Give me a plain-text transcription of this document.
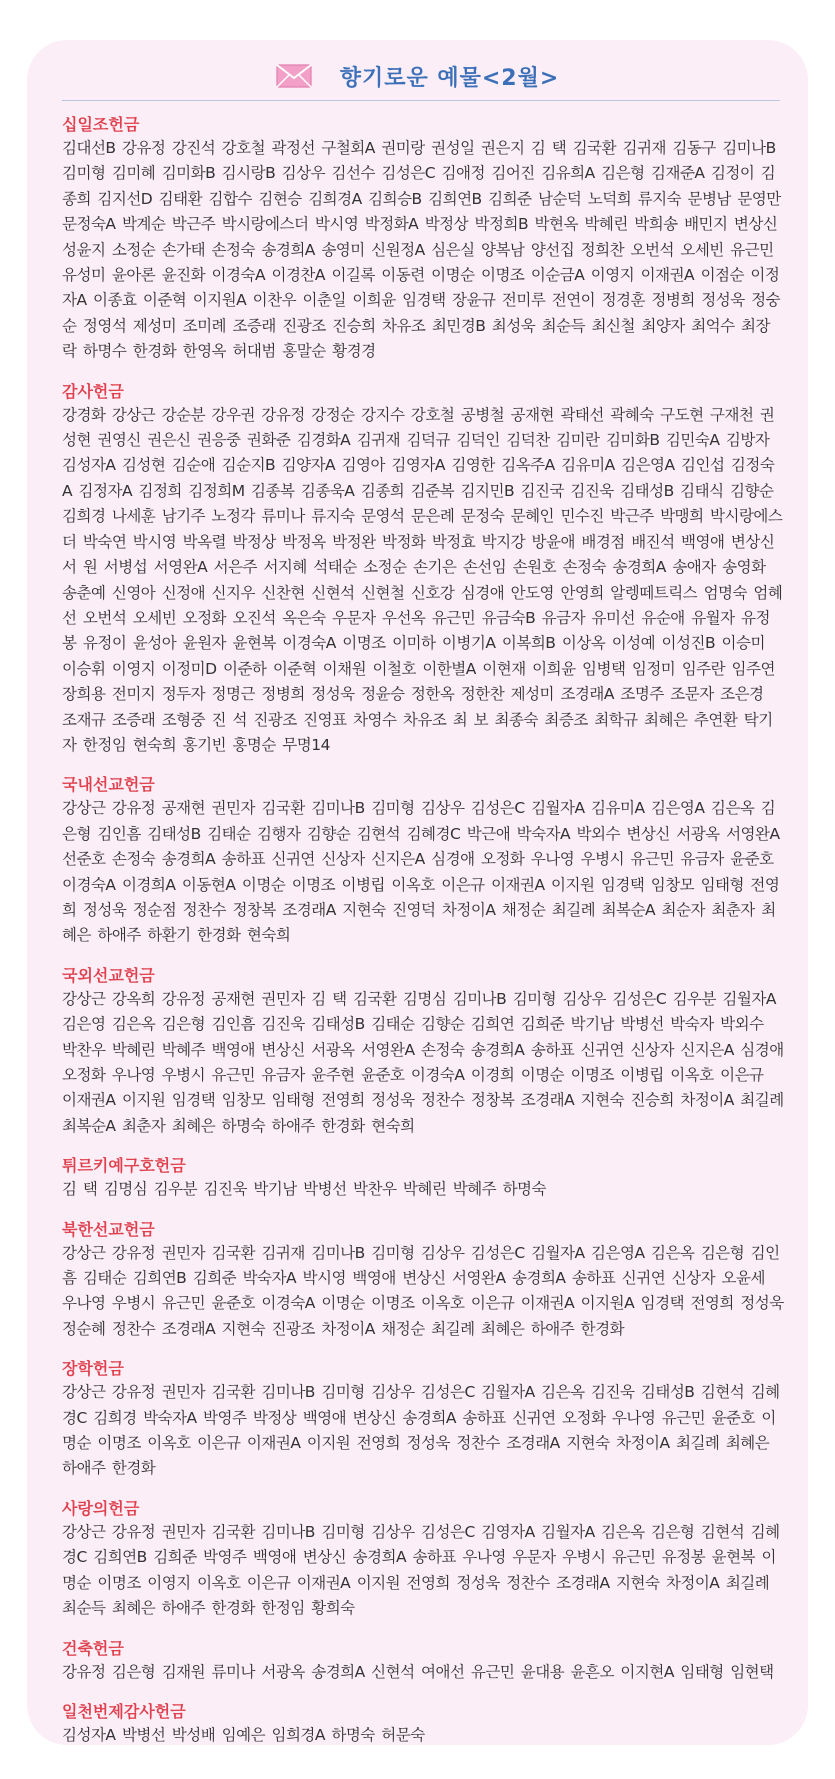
향기로운 예물<2월>
십일조헌금
김대선B 강유정 강진석 강호철 곽정선 구철회A 권미랑 권성일 권은지 김 택 김국환 김귀재 김동구 김미나B 김미형 김미혜 김미화B 김시랑B 김상우 김선수 김성은C 김애정 김어진 김유희A 김은형 김재준A 김정이 김종희 김지선D 김태환 김합수 김현승 김희경A 김희승B 김희연B 김희준 남순덕 노덕희 류지숙 문병남 문영만 문정숙A 박계순 박근주 박시랑에스더 박시영 박정화A 박정상 박정희B 박현옥 박혜린 박희송 배민지 변상신 성윤지 소정순 손가태 손정숙 송경희A 송영미 신원정A 심은실 양복남 양선집 정희찬 오번석 오세빈 유근민 유성미 윤아론 윤진화 이경숙A 이경찬A 이길록 이동련 이명순 이명조 이순금A 이영지 이재권A 이점순 이정자A 이종효 이준혁 이지원A 이찬우 이춘일 이희윤 임경택 장윤규 전미루 전연이 정경훈 정병희 정성욱 정숭순 정영석 제성미 조미례 조증래 진광조 진승희 차유조 최민경B 최성욱 최순득 최신철 최양자 최억수 최장락 하명수 한경화 한영옥 허대범 홍말순 황경경
감사헌금
강경화 강상근 강순분 강우권 강유정 강정순 강지수 강호철 공병철 공재현 곽태선 곽혜숙 구도현 구재천 권성현 권영신 권은신 권응중 권화준 김경화A 김귀재 김덕규 김덕인 김덕찬 김미란 김미화B 김민숙A 김방자 김성자A 김성현 김순애 김순지B 김양자A 김영아 김영자A 김영한 김옥주A 김유미A 김은영A 김인섭 김정숙A 김정자A 김정희 김정희M 김종복 김종욱A 김종희 김준복 김지민B 김진국 김진욱 김태성B 김태식 김향순 김희경 나세훈 남기주 노정각 류미나 류지숙 문영석 문은례 문정숙 문혜인 민수진 박근주 박맹희 박시랑에스더 박숙연 박시영 박옥렬 박정상 박정옥 박정완 박정화 박정효 박지강 방윤애 배경점 배진석 백영애 변상신 서 원 서병섭 서영완A 서은주 서지혜 석태순 소정순 손기은 손선임 손원호 손정숙 송경희A 송애자 송영화 송춘예 신영아 신정애 신지우 신찬현 신현석 신현철 신호강 심경애 안도영 안영희 알렝떼트릭스 엄명숙 엄혜선 오번석 오세빈 오정화 오진석 옥은숙 우문자 우선옥 유근민 유금숙B 유금자 유미선 유순애 유월자 유정봉 유정이 윤성아 윤원자 윤현복 이경숙A 이명조 이미하 이병기A 이복희B 이상옥 이성예 이성진B 이승미 이승휘 이영지 이정미D 이준하 이준혁 이채원 이철호 이한별A 이현재 이희윤 임병택 임정미 임주란 임주연 장희용 전미지 정두자 정명근 정병희 정성욱 정윤승 정한옥 정한찬 제성미 조경래A 조명주 조문자 조은경 조재규 조증래 조형중 진 석 진광조 진영표 차영수 차유조 최 보 최종숙 최증조 최학규 최혜은 추연환 탁기자 한정임 현숙희 홍기빈 홍명순 무명14
국내선교헌금
강상근 강유정 공재현 권민자 김국환 김미나B 김미형 김상우 김성은C 김월자A 김유미A 김은영A 김은옥 김은형 김인흠 김태성B 김태순 김행자 김향순 김현석 김혜경C 박근애 박숙자A 박외수 변상신 서광옥 서영완A 선준호 손정숙 송경희A 송하표 신귀연 신상자 신지은A 심경애 오정화 우나영 우병시 유근민 유금자 윤준호 이경숙A 이경희A 이동현A 이명순 이명조 이병립 이옥호 이은규 이재권A 이지원 임경택 임창모 임태형 전영희 정성욱 정순점 정찬수 정창복 조경래A 지현숙 진영덕 차정이A 채정순 최길례 최복순A 최순자 최춘자 최혜은 하애주 하환기 한경화 현숙희
국외선교헌금
강상근 강옥희 강유정 공재현 권민자 김 택 김국환 김명심 김미나B 김미형 김상우 김성은C 김우분 김월자A 김은영 김은옥 김은형 김인흠 김진욱 김태성B 김태순 김향순 김희연 김희준 박기남 박병선 박숙자 박외수 박찬우 박혜린 박혜주 백영애 변상신 서광옥 서영완A 손정숙 송경희A 송하표 신귀연 신상자 신지은A 심경애 오정화 우나영 우병시 유근민 유금자 윤주현 윤준호 이경숙A 이경희 이명순 이명조 이병립 이옥호 이은규 이재권A 이지원 임경택 임창모 임태형 전영희 정성욱 정찬수 정창복 조경래A 지현숙 진승희 차정이A 최길례 최복순A 최춘자 최혜은 하명숙 하애주 한경화 현숙희
튀르키예구호헌금
김 택 김명심 김우분 김진욱 박기남 박병선 박찬우 박혜린 박혜주 하명숙
북한선교헌금
강상근 강유정 권민자 김국환 김귀재 김미나B 김미형 김상우 김성은C 김월자A 김은영A 김은옥 김은형 김인흠 김태순 김희연B 김희준 박숙자A 박시영 백영애 변상신 서영완A 송경희A 송하표 신귀연 신상자 오윤세 우나영 우병시 유근민 윤준호 이경숙A 이명순 이명조 이옥호 이은규 이재권A 이지원A 임경택 전영희 정성욱 정순혜 정찬수 조경래A 지현숙 진광조 차정이A 채정순 최길례 최혜은 하애주 한경화
장학헌금
강상근 강유정 권민자 김국환 김미나B 김미형 김상우 김성은C 김월자A 김은옥 김진욱 김태성B 김현석 김혜경C 김희경 박숙자A 박영주 박정상 백영애 변상신 송경희A 송하표 신귀연 오정화 우나영 유근민 윤준호 이명순 이명조 이옥호 이은규 이재권A 이지원 전영희 정성욱 정찬수 조경래A 지현숙 차정이A 최길례 최혜은 하애주 한경화
사랑의헌금
강상근 강유정 권민자 김국환 김미나B 김미형 김상우 김성은C 김영자A 김월자A 김은옥 김은형 김현석 김혜경C 김희연B 김희준 박영주 백영애 변상신 송경희A 송하표 우나영 우문자 우병시 유근민 유정봉 윤현복 이명순 이명조 이영지 이옥호 이은규 이재권A 이지원 전영희 정성욱 정찬수 조경래A 지현숙 차정이A 최길례 최순득 최혜은 하애주 한경화 한정임 황희숙
건축헌금
강유정 김은형 김재원 류미나 서광옥 송경희A 신현석 여애선 유근민 윤대용 윤흔오 이지현A 임태형 임현택
일천번제감사헌금
김성자A 박병선 박성배 임예은 임희경A 하명숙 허문숙
